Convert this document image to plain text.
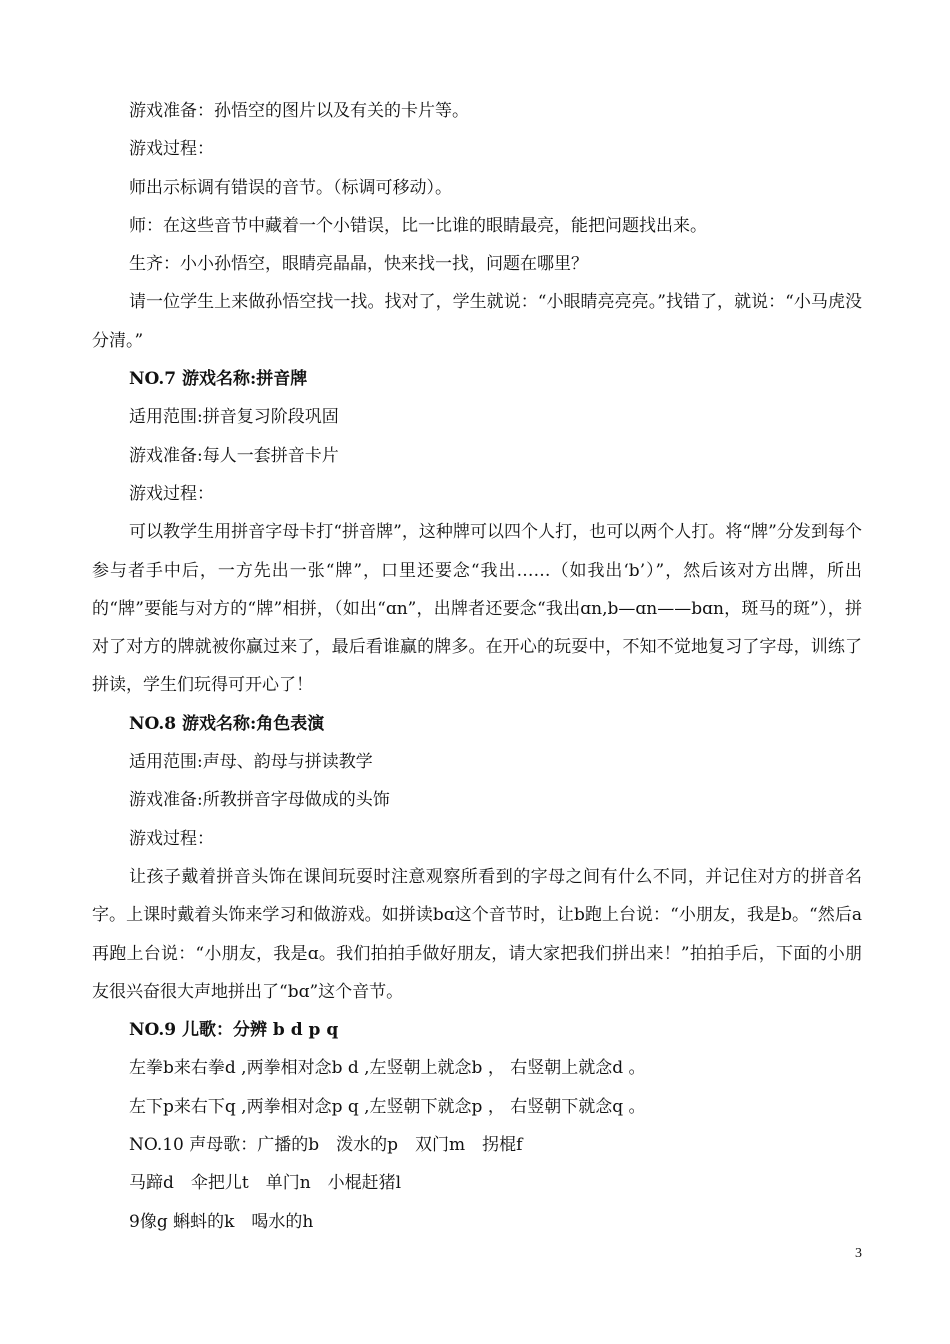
游戏准备：孙悟空的图片以及有关的卡片等。

游戏过程：

师出示标调有错误的音节。（标调可移动）。

师：在这些音节中藏着一个小错误，比一比谁的眼睛最亮，能把问题找出来。

生齐：小小孙悟空，眼睛亮晶晶，快来找一找，问题在哪里？

请一位学生上来做孙悟空找一找。找对了，学生就说：“小眼睛亮亮亮。”找错了，就说：“小马虎没分清。”

NO.7 游戏名称:拼音牌

适用范围:拼音复习阶段巩固

游戏准备:每人一套拼音卡片

游戏过程：

可以教学生用拼音字母卡打“拼音牌”，这种牌可以四个人打，也可以两个人打。将“牌”分发到每个参与者手中后，一方先出一张“牌”，口里还要念“我出……（如我出‘b’）”，然后该对方出牌，所出的“牌”要能与对方的“牌”相拼，（如出“ɑn”，出牌者还要念“我出ɑn,b—ɑn——bɑn，斑马的斑”），拼对了对方的牌就被你赢过来了，最后看谁赢的牌多。在开心的玩耍中，不知不觉地复习了字母，训练了拼读，学生们玩得可开心了！

NO.8 游戏名称:角色表演

适用范围:声母、韵母与拼读教学

游戏准备:所教拼音字母做成的头饰

游戏过程：

让孩子戴着拼音头饰在课间玩耍时注意观察所看到的字母之间有什么不同，并记住对方的拼音名字。上课时戴着头饰来学习和做游戏。如拼读bɑ这个音节时，让b跑上台说：“小朋友，我是b。“然后a再跑上台说：“小朋友，我是ɑ。我们拍拍手做好朋友，请大家把我们拼出来！”拍拍手后，下面的小朋友很兴奋很大声地拼出了“bɑ”这个音节。

NO.9 儿歌：分辨 b d p q

左拳b来右拳d ,两拳相对念b d ,左竖朝上就念b ， 右竖朝上就念d 。

左下p来右下q ,两拳相对念p q ,左竖朝下就念p ， 右竖朝下就念q 。

NO.10 声母歌：广播的b　泼水的p　双门m　拐棍f

马蹄d　伞把儿t　单门n　小棍赶猪l

9像g 蝌蚪的k　喝水的h

3
